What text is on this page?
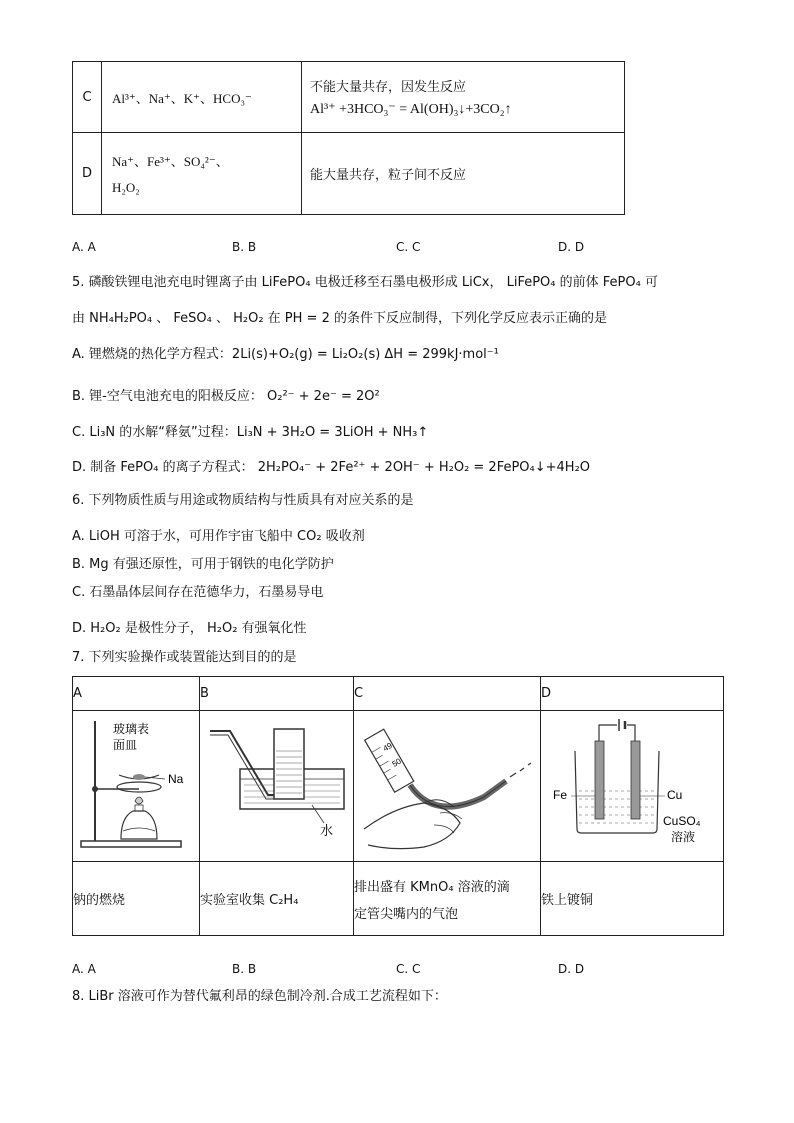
C	Al³⁺、Na⁺、K⁺、HCO₃⁻	不能大量共存，因发生反应
Al³⁺ +3HCO₃⁻ = Al(OH)₃↓+3CO₂↑

D	Na⁺、Fe³⁺、SO₄²⁻、
H₂O₂	能大量共存，粒子间不反应
A. A	B. B	C. C	D. D
5. 磷酸铁锂电池充电时锂离子由 LiFePO₄ 电极迁移至石墨电极形成 LiCx， LiFePO₄ 的前体 FePO₄ 可
由 NH₄H₂PO₄ 、 FeSO₄ 、 H₂O₂ 在 PH = 2 的条件下反应制得，下列化学反应表示正确的是
A. 锂燃烧的热化学方程式：2Li(s)+O₂(g) = Li₂O₂(s) ΔH = 299kJ·mol⁻¹
B. 锂-空气电池充电的阳极反应： O₂²⁻ + 2e⁻ = 2O²
C. Li₃N 的水解“释氨”过程：Li₃N + 3H₂O = 3LiOH + NH₃↑
D. 制备 FePO₄ 的离子方程式： 2H₂PO₄⁻ + 2Fe²⁺ + 2OH⁻ + H₂O₂ = 2FePO₄↓+4H₂O
6. 下列物质性质与用途或物质结构与性质具有对应关系的是
A. LiOH 可溶于水，可用作宇宙飞船中 CO₂ 吸收剂
B. Mg 有强还原性，可用于钢铁的电化学防护
C. 石墨晶体层间存在范德华力，石墨易导电
D. H₂O₂ 是极性分子， H₂O₂ 有强氧化性
7. 下列实验操作或装置能达到目的的是
A	B	C	D

玻璃表
面皿
Na	水	49
50	Fe Cu
CuSO₄
溶液

钠的燃烧	实验室收集 C₂H₄	排出盛有 KMnO₄ 溶液的滴
定管尖嘴内的气泡	铁上镀铜
A. A	B. B	C. C	D. D
8. LiBr 溶液可作为替代氟利昂的绿色制冷剂.合成工艺流程如下：
